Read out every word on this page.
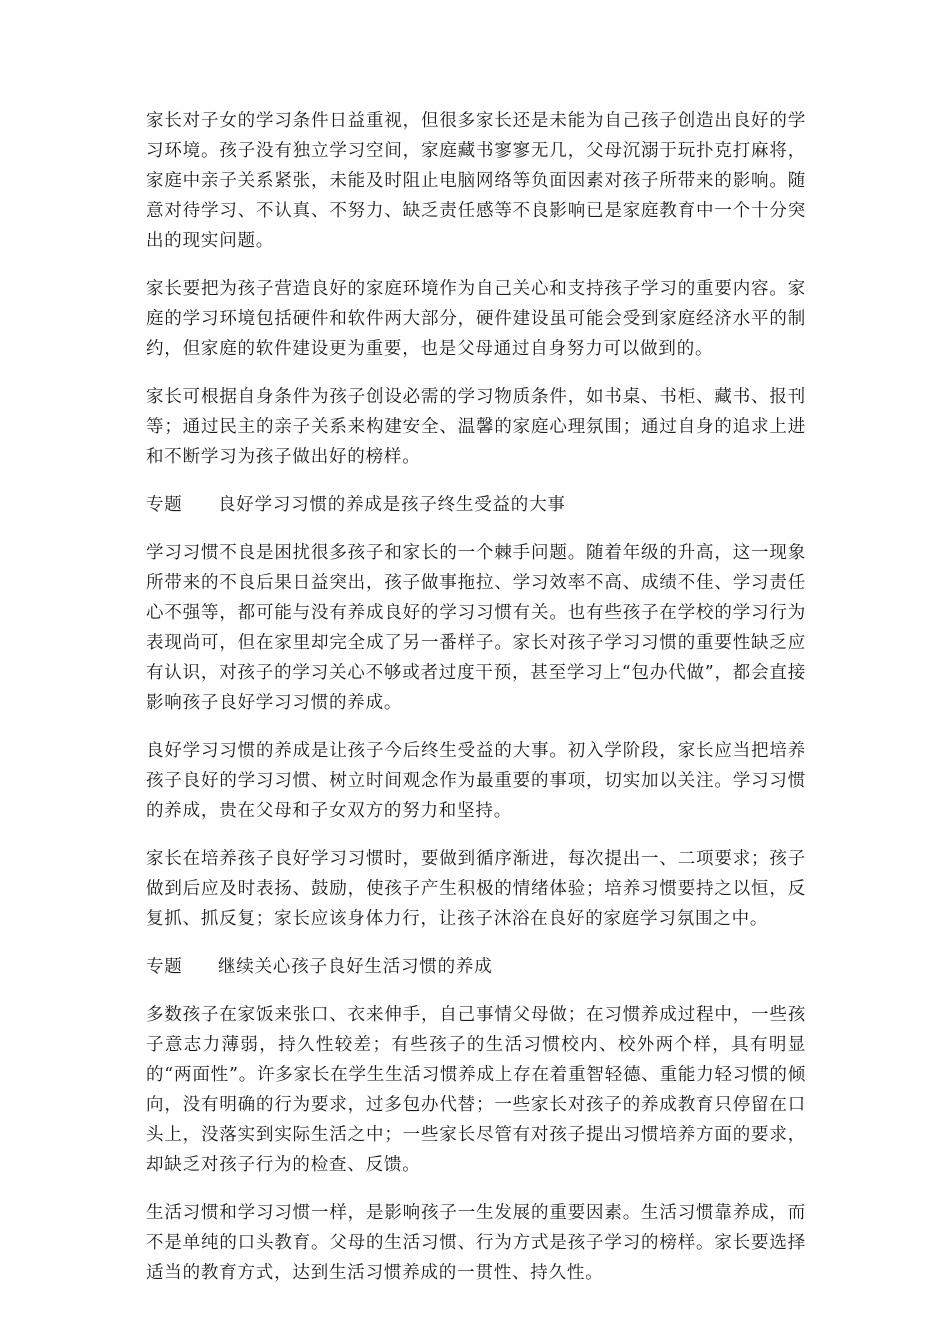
家长对子女的学习条件日益重视，但很多家长还是未能为自己孩子创造出良好的学习环境。孩子没有独立学习空间，家庭藏书寥寥无几，父母沉溺于玩扑克打麻将，家庭中亲子关系紧张，未能及时阻止电脑网络等负面因素对孩子所带来的影响。随意对待学习、不认真、不努力、缺乏责任感等不良影响已是家庭教育中一个十分突出的现实问题。

家长要把为孩子营造良好的家庭环境作为自己关心和支持孩子学习的重要内容。家庭的学习环境包括硬件和软件两大部分，硬件建设虽可能会受到家庭经济水平的制约，但家庭的软件建设更为重要，也是父母通过自身努力可以做到的。

家长可根据自身条件为孩子创设必需的学习物质条件，如书桌、书柜、藏书、报刊等；通过民主的亲子关系来构建安全、温馨的家庭心理氛围；通过自身的追求上进和不断学习为孩子做出好的榜样。

专题 良好学习习惯的养成是孩子终生受益的大事

学习习惯不良是困扰很多孩子和家长的一个棘手问题。随着年级的升高，这一现象所带来的不良后果日益突出，孩子做事拖拉、学习效率不高、成绩不佳、学习责任心不强等，都可能与没有养成良好的学习习惯有关。也有些孩子在学校的学习行为表现尚可，但在家里却完全成了另一番样子。家长对孩子学习习惯的重要性缺乏应有认识，对孩子的学习关心不够或者过度干预，甚至学习上“包办代做”，都会直接影响孩子良好学习习惯的养成。

良好学习习惯的养成是让孩子今后终生受益的大事。初入学阶段，家长应当把培养孩子良好的学习习惯、树立时间观念作为最重要的事项，切实加以关注。学习习惯的养成，贵在父母和子女双方的努力和坚持。

家长在培养孩子良好学习习惯时，要做到循序渐进，每次提出一、二项要求；孩子做到后应及时表扬、鼓励，使孩子产生积极的情绪体验；培养习惯要持之以恒，反复抓、抓反复；家长应该身体力行，让孩子沐浴在良好的家庭学习氛围之中。

专题 继续关心孩子良好生活习惯的养成

多数孩子在家饭来张口、衣来伸手，自己事情父母做；在习惯养成过程中，一些孩子意志力薄弱，持久性较差；有些孩子的生活习惯校内、校外两个样，具有明显的“两面性”。许多家长在学生生活习惯养成上存在着重智轻德、重能力轻习惯的倾向，没有明确的行为要求，过多包办代替；一些家长对孩子的养成教育只停留在口头上，没落实到实际生活之中；一些家长尽管有对孩子提出习惯培养方面的要求，却缺乏对孩子行为的检查、反馈。

生活习惯和学习习惯一样，是影响孩子一生发展的重要因素。生活习惯靠养成，而不是单纯的口头教育。父母的生活习惯、行为方式是孩子学习的榜样。家长要选择适当的教育方式，达到生活习惯养成的一贯性、持久性。
